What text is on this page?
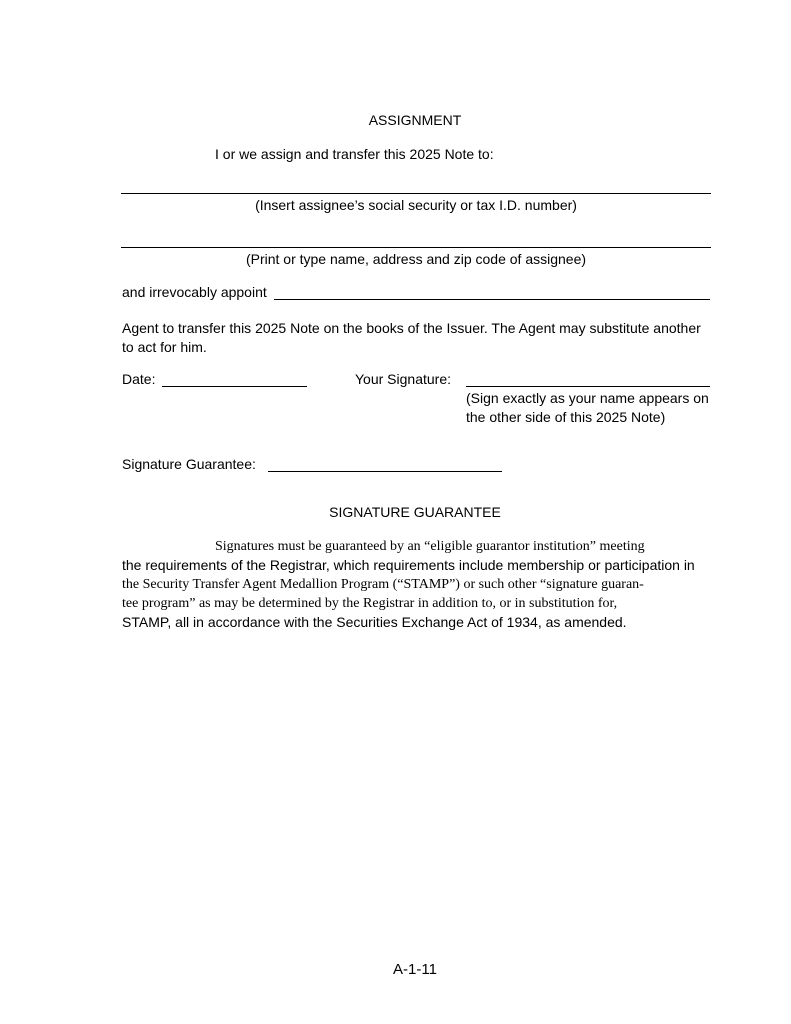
ASSIGNMENT
I or we assign and transfer this 2025 Note to:
(Insert assignee’s social security or tax I.D. number)
(Print or type name, address and zip code of assignee)
and irrevocably appoint
Agent to transfer this 2025 Note on the books of the Issuer. The Agent may substitute another
to act for him.
Date:	Your Signature:
(Sign exactly as your name appears on
the other side of this 2025 Note)
Signature Guarantee:
SIGNATURE GUARANTEE
Signatures must be guaranteed by an “eligible guarantor institution” meeting
the requirements of the Registrar, which requirements include membership or participation in
the Security Transfer Agent Medallion Program (“STAMP”) or such other “signature guaran-
tee program” as may be determined by the Registrar in addition to, or in substitution for,
STAMP, all in accordance with the Securities Exchange Act of 1934, as amended.
A-1-11
